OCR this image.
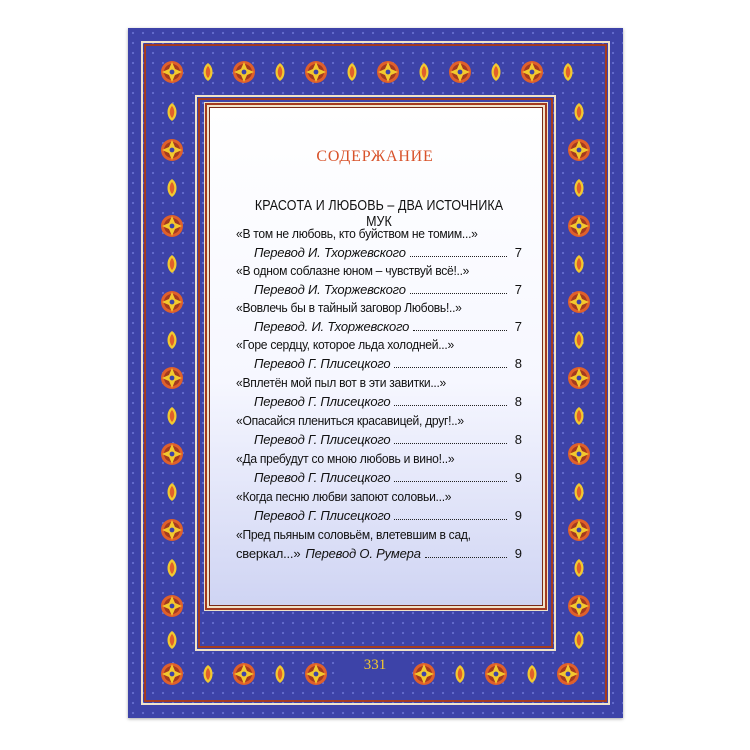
СОДЕРЖАНИЕ
КРАСОТА И ЛЮБОВЬ – ДВА ИСТОЧНИКА МУК
«В том не любовь, кто буйством не томим...»
Перевод И. Тхоржевского	7
«В одном соблазне юном – чувствуй всё!..»
Перевод И. Тхоржевского	7
«Вовлечь бы в тайный заговор Любовь!..»
Перевод. И. Тхоржевского	7
«Горе сердцу, которое льда холодней...»
Перевод Г. Плисецкого	8
«Вплетён мой пыл вот в эти завитки...»
Перевод Г. Плисецкого	8
«Опасайся плениться красавицей, друг!..»
Перевод Г. Плисецкого	8
«Да пребудут со мною любовь и вино!..»
Перевод Г. Плисецкого	9
«Когда песню любви запоют соловьи...»
Перевод Г. Плисецкого	9
«Пред пьяным соловьём, влетевшим в сад,
сверкал...» Перевод О. Румера	9
331
